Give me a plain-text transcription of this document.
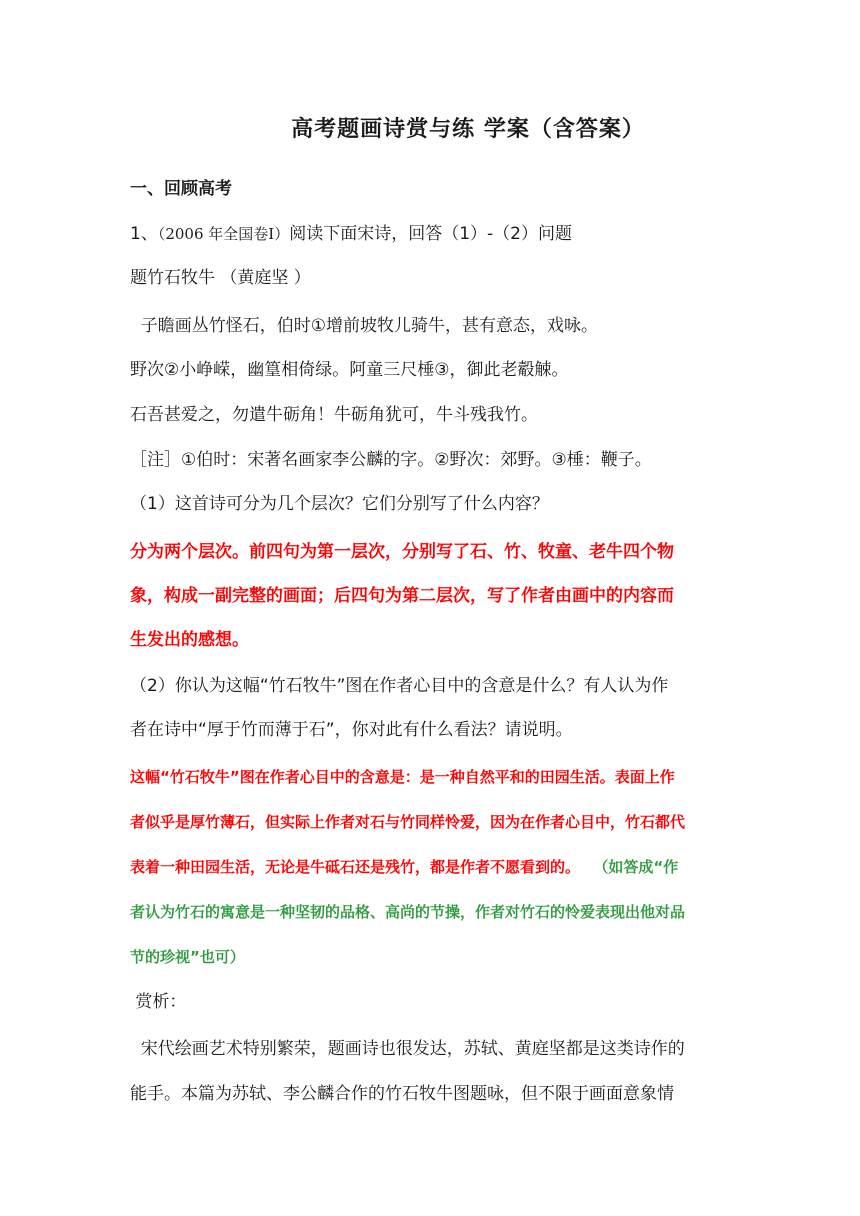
高考题画诗赏与练 学案（含答案）
一、回顾高考
1、（2006 年全国卷Ⅰ）阅读下面宋诗，回答（1）-（2）问题
题竹石牧牛 （黄庭坚 ）
子瞻画丛竹怪石，伯时①增前坡牧儿骑牛，甚有意态，戏咏。
野次②小峥嵘，幽篁相倚绿。阿童三尺棰③，御此老觳觫。
石吾甚爱之，勿遣牛砺角！牛砺角犹可，牛斗残我竹。
［注］①伯时：宋著名画家李公麟的字。②野次：郊野。③棰：鞭子。
（1）这首诗可分为几个层次？它们分别写了什么内容？
分为两个层次。前四句为第一层次，分别写了石、竹、牧童、老牛四个物
象，构成一副完整的画面；后四句为第二层次，写了作者由画中的内容而
生发出的感想。
（2）你认为这幅“竹石牧牛”图在作者心目中的含意是什么？有人认为作
者在诗中“厚于竹而薄于石”，你对此有什么看法？请说明。
这幅“竹石牧牛”图在作者心目中的含意是：是一种自然平和的田园生活。表面上作
者似乎是厚竹薄石，但实际上作者对石与竹同样怜爱，因为在作者心目中，竹石都代
表着一种田园生活，无论是牛砥石还是残竹，都是作者不愿看到的。 （如答成“作
者认为竹石的寓意是一种坚韧的品格、高尚的节操，作者对竹石的怜爱表现出他对品
节的珍视”也可）
赏析：
宋代绘画艺术特别繁荣，题画诗也很发达，苏轼、黄庭坚都是这类诗作的
能手。本篇为苏轼、李公麟合作的竹石牧牛图题咏，但不限于画面意象情
